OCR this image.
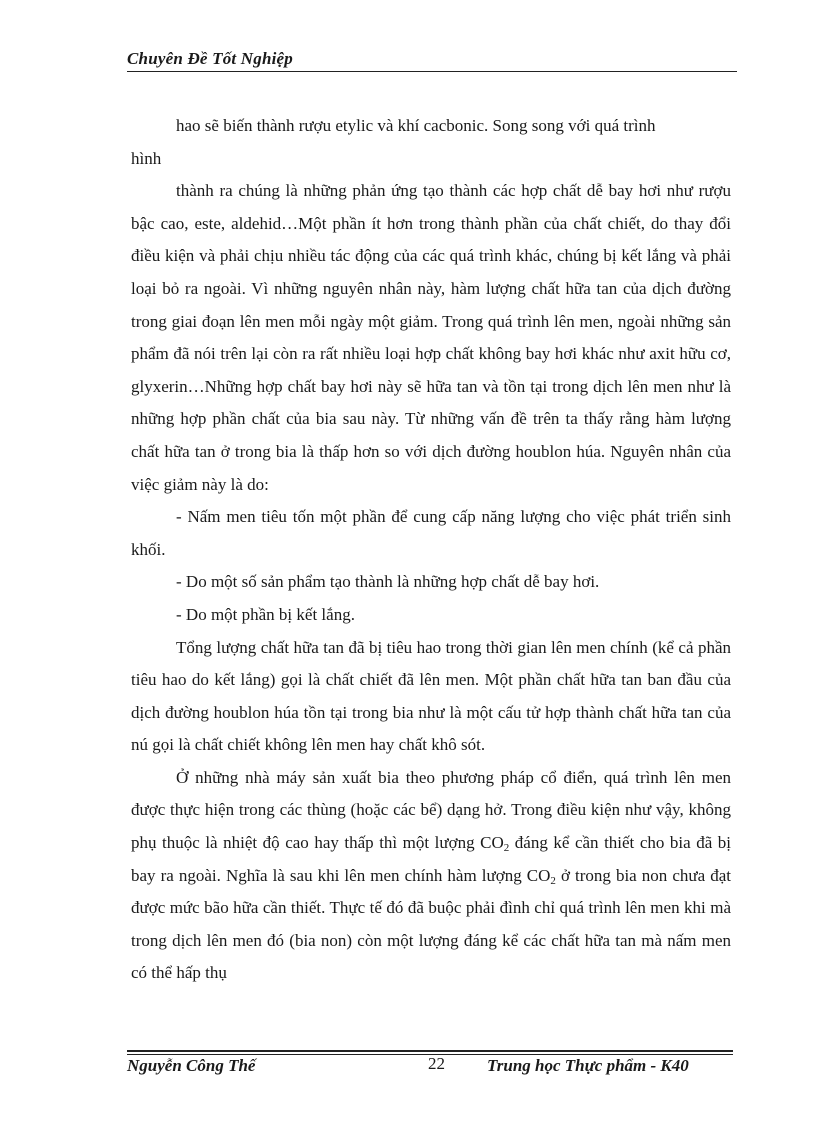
Chuyên Đề Tốt Nghiệp

hao sẽ biến thành rượu etylic và khí cacbonic. Song song với quá trình

hình

thành ra chúng là những phản ứng tạo thành các hợp chất dễ bay hơi như rượu bậc cao, este, aldehid…Một phần ít hơn trong thành phần của chất chiết, do thay đổi điều kiện và phải chịu nhiều tác động của các quá trình khác, chúng bị kết lắng và phải loại bỏ ra ngoài. Vì những nguyên nhân này, hàm lượng chất hữa tan của dịch đường trong giai đoạn lên men mỗi ngày một giảm. Trong quá trình lên men, ngoài những sản phẩm đã nói trên lại còn ra rất nhiều loại hợp chất không bay hơi khác như axit hữu cơ, glyxerin…Những hợp chất bay hơi này sẽ hữa tan và tồn tại trong dịch lên men như là những hợp phần chất của bia sau này. Từ những vấn đề trên ta thấy rằng hàm lượng chất hữa tan ở trong bia là thấp hơn so với dịch đường houblon húa. Nguyên nhân của việc giảm này là do:

- Nấm men tiêu tốn một phần để cung cấp năng lượng cho việc phát triển sinh khối.

- Do một số sản phẩm tạo thành là những hợp chất dễ bay hơi.

- Do một phần bị kết lắng.

Tổng lượng chất hữa tan đã bị tiêu hao trong thời gian lên men chính (kể cả phần tiêu hao do kết lắng) gọi là chất chiết đã lên men. Một phần chất hữa tan ban đầu của dịch đường houblon húa tồn tại trong bia như là một cấu tử hợp thành chất hữa tan của nú gọi là chất chiết không lên men hay chất khô sót.

Ở những nhà máy sản xuất bia theo phương pháp cổ điển, quá trình lên men được thực hiện trong các thùng (hoặc các bể) dạng hở. Trong điều kiện như vậy, không phụ thuộc là nhiệt độ cao hay thấp thì một lượng $CO_2$ đáng kể cần thiết cho bia đã bị bay ra ngoài. Nghĩa là sau khi lên men chính hàm lượng $CO_2$ ở trong bia non chưa đạt được mức bão hữa cần thiết. Thực tế đó đã buộc phải đình chỉ quá trình lên men khi mà trong dịch lên men đó (bia non) còn một lượng đáng kể các chất hữa tan mà nấm men có thể hấp thụ

Nguyễn Công Thế	22 Trung học Thực phẩm - K40
